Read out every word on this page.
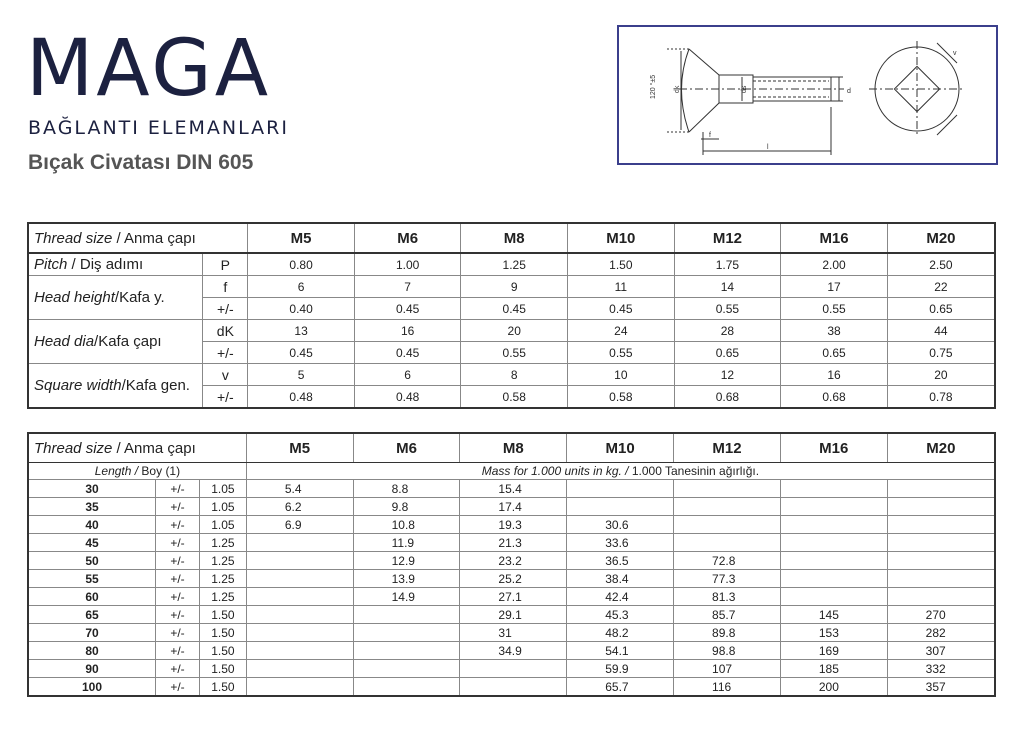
MAGA
BAĞLANTI ELEMANLARI
Bıçak Civatası DIN 605
120 °±5 dk	ds	d
f
l
v
Thread size / Anma çapı		M5	M6	M8	M10	M12	M16	M20
Pitch / Diş adımı	P	0.80	1.00	1.25	1.50	1.75	2.00	2.50
Head height/Kafa y.	f	6	7	9	11	14	17	22
	+/-	0.40	0.45	0.45	0.45	0.55	0.55	0.65
Head dia/Kafa çapı	dK	13	16	20	24	28	38	44
	+/-	0.45	0.45	0.55	0.55	0.65	0.65	0.75
Square width/Kafa gen.	v	5	6	8	10	12	16	20
	+/-	0.48	0.48	0.58	0.58	0.68	0.68	0.78
Thread size / Anma çapı			M5	M6	M8	M10	M12	M16	M20
Length / Boy (1)			Mass for 1.000 units in kg. / 1.000 Tanesinin ağırlığı.						
30	+/-	1.05	5.4	8.8	15.4				
35	+/-	1.05	6.2	9.8	17.4				
40	+/-	1.05	6.9	10.8	19.3	30.6			
45	+/-	1.25		11.9	21.3	33.6			
50	+/-	1.25		12.9	23.2	36.5	72.8		
55	+/-	1.25		13.9	25.2	38.4	77.3		
60	+/-	1.25		14.9	27.1	42.4	81.3		
65	+/-	1.50			29.1	45.3	85.7	145	270
70	+/-	1.50			31	48.2	89.8	153	282
80	+/-	1.50			34.9	54.1	98.8	169	307
90	+/-	1.50				59.9	107	185	332
100	+/-	1.50				65.7	116	200	357
